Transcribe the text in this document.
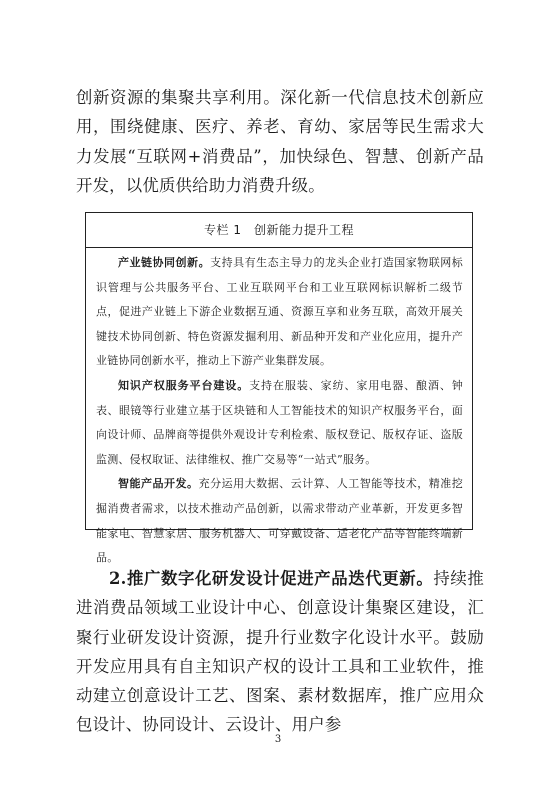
创新资源的集聚共享利用。深化新一代信息技术创新应用，围绕健康、医疗、养老、育幼、家居等民生需求大力发展“互联网+消费品”，加快绿色、智慧、创新产品开发，以优质供给助力消费升级。

专栏 1　创新能力提升工程

产业链协同创新。支持具有生态主导力的龙头企业打造国家物联网标识管理与公共服务平台、工业互联网平台和工业互联网标识解析二级节点，促进产业链上下游企业数据互通、资源互享和业务互联，高效开展关键技术协同创新、特色资源发掘利用、新品种开发和产业化应用，提升产业链协同创新水平，推动上下游产业集群发展。

知识产权服务平台建设。支持在服装、家纺、家用电器、酿酒、钟表、眼镜等行业建立基于区块链和人工智能技术的知识产权服务平台，面向设计师、品牌商等提供外观设计专利检索、版权登记、版权存证、盗版监测、侵权取证、法律维权、推广交易等“一站式”服务。

智能产品开发。充分运用大数据、云计算、人工智能等技术，精准挖掘消费者需求，以技术推动产品创新，以需求带动产业革新，开发更多智能家电、智慧家居、服务机器人、可穿戴设备、适老化产品等智能终端新品。

2.推广数字化研发设计促进产品迭代更新。持续推进消费品领域工业设计中心、创意设计集聚区建设，汇聚行业研发设计资源，提升行业数字化设计水平。鼓励开发应用具有自主知识产权的设计工具和工业软件，推动建立创意设计工艺、图案、素材数据库，推广应用众包设计、协同设计、云设计、用户参

3
